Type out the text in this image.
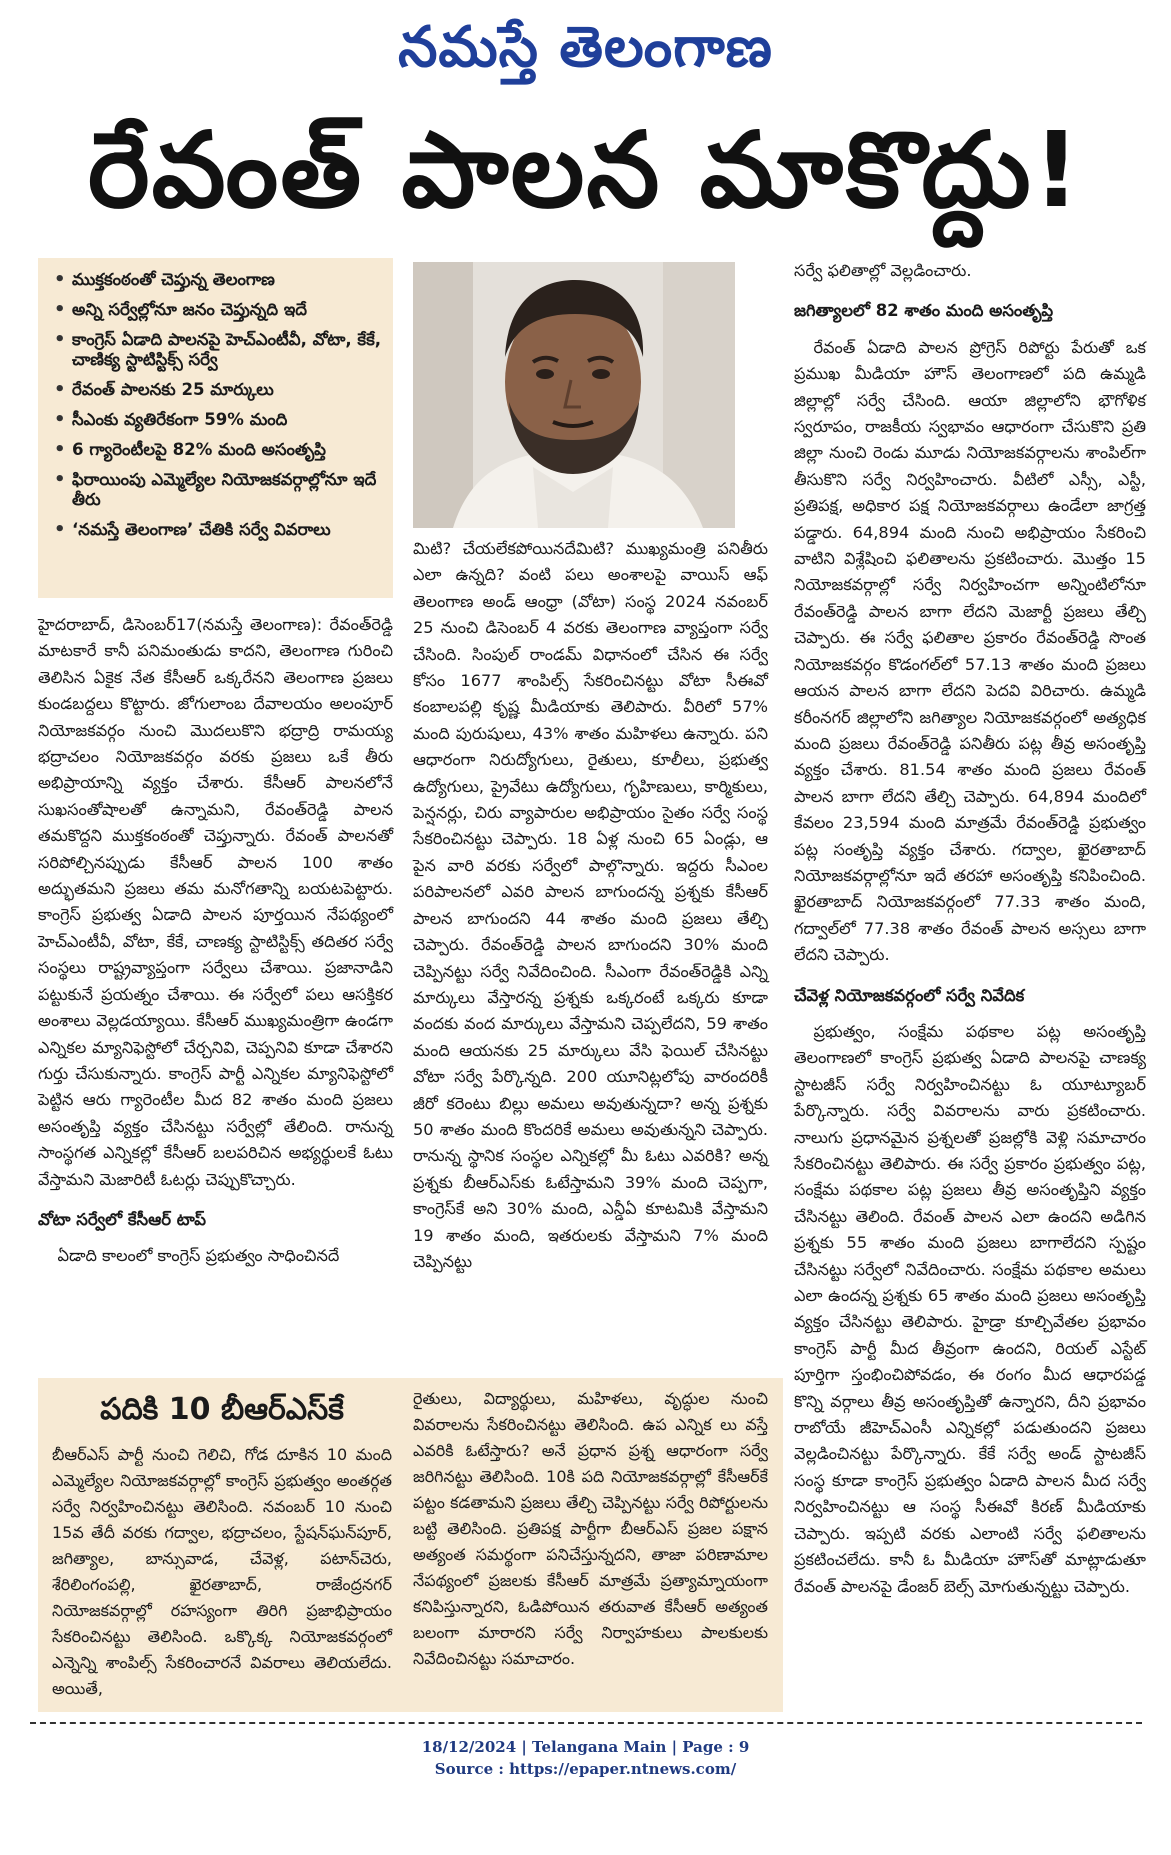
నమస్తే తెలంగాణ
రేవంత్ పాలన మాకొద్దు!
• ముక్తకంఠంతో చెప్తున్న తెలంగాణ
• అన్ని సర్వేల్లోనూ జనం చెప్తున్నది ఇదే
• కాంగ్రెస్ ఏడాది పాలనపై హెచ్ఎంటీవీ, వోటా, కేకే, చాణిక్య స్టాటిస్టిక్స్ సర్వే
• రేవంత్ పాలనకు 25 మార్కులు
• సీఎంకు వ్యతిరేకంగా 59% మంది
• 6 గ్యారెంటీలపై 82% మంది అసంతృప్తి
• ఫిరాయింపు ఎమ్మెల్యేల నియోజకవర్గాల్లోనూ ఇదే తీరు
• ‘నమస్తే తెలంగాణ’ చేతికి సర్వే వివరాలు

హైదరాబాద్, డిసెంబర్17(నమస్తే తెలంగాణ): రేవంత్‌రెడ్డి మాటకారే కానీ పనిమంతుడు కాదని, తెలంగాణ గురించి తెలిసిన ఏకైక నేత కేసీఆర్ ఒక్కరేనని తెలంగాణ ప్రజలు కుండబద్దలు కొట్టారు. జోగులాంబ దేవాలయం అలంపూర్ నియోజకవర్గం నుంచి మొదలుకొని భద్రాద్రి రామయ్య భద్రాచలం నియోజకవర్గం వరకు ప్రజలు ఒకే తీరు అభిప్రాయాన్ని వ్యక్తం చేశారు. కేసీఆర్ పాలనలోనే సుఖసంతోషాలతో ఉన్నామని, రేవంత్‌రెడ్డి పాలన తమకొద్దని ముక్తకంఠంతో చెప్తున్నారు. రేవంత్ పాలనతో సరిపోల్చినప్పుడు కేసీఆర్ పాలన 100 శాతం అద్భుతమని ప్రజలు తమ మనోగతాన్ని బయటపెట్టారు. కాంగ్రెస్ ప్రభుత్వ ఏడాది పాలన పూర్తయిన నేపథ్యంలో హెచ్ఎంటీవీ, వోటా, కేకే, చాణక్య స్టాటిస్టిక్స్ తదితర సర్వే సంస్థలు రాష్ట్రవ్యాప్తంగా సర్వేలు చేశాయి. ప్రజానాడిని పట్టుకునే ప్రయత్నం చేశాయి. ఈ సర్వేలో పలు ఆసక్తికర అంశాలు వెల్లడయ్యాయి. కేసీఆర్ ముఖ్యమంత్రిగా ఉండగా ఎన్నికల మ్యానిఫెస్టోలో చేర్చనివి, చెప్పనివి కూడా చేశారని గుర్తు చేసుకున్నారు. కాంగ్రెస్ పార్టీ ఎన్నికల మ్యానిఫెస్టోలో పెట్టిన ఆరు గ్యారెంటీల మీద 82 శాతం మంది ప్రజలు అసంతృప్తి వ్యక్తం చేసినట్టు సర్వేల్లో తేలింది. రానున్న సాంస్థగత ఎన్నికల్లో కేసీఆర్ బలపరిచిన అభ్యర్థులకే ఓటు వేస్తామని మెజారిటీ ఓటర్లు చెప్పుకొచ్చారు.

వోటా సర్వేలో కేసీఆర్ టాప్

ఏడాది కాలంలో కాంగ్రెస్ ప్రభుత్వం సాధించినదే

మిటి? చేయలేకపోయినదేమిటి? ముఖ్యమంత్రి పనితీరు ఎలా ఉన్నది? వంటి పలు అంశాలపై వాయిస్ ఆఫ్ తెలంగాణ అండ్ ఆంధ్రా (వోటా) సంస్థ 2024 నవంబర్ 25 నుంచి డిసెంబర్ 4 వరకు తెలంగాణ వ్యాప్తంగా సర్వే చేసింది. సింపుల్ రాండమ్ విధానంలో చేసిన ఈ సర్వే కోసం 1677 శాంపిల్స్ సేకరించినట్టు వోటా సీఈవో కంబాలపల్లి కృష్ణ మీడియాకు తెలిపారు. వీరిలో 57% మంది పురుషులు, 43% శాతం మహిళలు ఉన్నారు. పని ఆధారంగా నిరుద్యోగులు, రైతులు, కూలీలు, ప్రభుత్వ ఉద్యోగులు, ప్రైవేటు ఉద్యోగులు, గృహిణులు, కార్మికులు, పెన్షనర్లు, చిరు వ్యాపారుల అభిప్రాయం సైతం సర్వే సంస్థ సేకరించినట్టు చెప్పారు. 18 ఏళ్ల నుంచి 65 ఏండ్లు, ఆ పైన వారి వరకు సర్వేలో పాల్గొన్నారు. ఇద్దరు సీఎంల పరిపాలనలో ఎవరి పాలన బాగుందన్న ప్రశ్నకు కేసీఆర్ పాలన బాగుందని 44 శాతం మంది ప్రజలు తేల్చి చెప్పారు. రేవంత్‌రెడ్డి పాలన బాగుందని 30% మంది చెప్పినట్టు సర్వే నివేదించింది. సీఎంగా రేవంత్‌రెడ్డికి ఎన్ని మార్కులు వేస్తారన్న ప్రశ్నకు ఒక్కరంటే ఒక్కరు కూడా వందకు వంద మార్కులు వేస్తామని చెప్పలేదని, 59 శాతం మంది ఆయనకు 25 మార్కులు వేసి ఫెయిల్ చేసినట్టు వోటా సర్వే పేర్కొన్నది. 200 యూనిట్లలోపు వారందరికీ జీరో కరెంటు బిల్లు అమలు అవుతున్నదా? అన్న ప్రశ్నకు 50 శాతం మంది కొందరికే అమలు అవుతున్నని చెప్పారు. రానున్న స్థానిక సంస్థల ఎన్నికల్లో మీ ఓటు ఎవరికి? అన్న ప్రశ్నకు బీఆర్ఎస్‌కు ఓటేస్తామని 39% మంది చెప్పగా, కాంగ్రెస్‌కే అని 30% మంది, ఎన్డీఏ కూటమికి వేస్తామని 19 శాతం మంది, ఇతరులకు వేస్తామని 7% మంది చెప్పినట్టు

సర్వే ఫలితాల్లో వెల్లడించారు.

జగిత్యాలలో 82 శాతం మంది అసంతృప్తి

రేవంత్ ఏడాది పాలన ప్రోగ్రెస్ రిపోర్టు పేరుతో ఒక ప్రముఖ మీడియా హౌస్ తెలంగాణలో పది ఉమ్మడి జిల్లాల్లో సర్వే చేసింది. ఆయా జిల్లాలోని భౌగోళిక స్వరూపం, రాజకీయ స్వభావం ఆధారంగా చేసుకొని ప్రతి జిల్లా నుంచి రెండు మూడు నియోజకవర్గాలను శాంపిల్‌గా తీసుకొని సర్వే నిర్వహించారు. వీటిలో ఎస్సీ, ఎస్టీ, ప్రతిపక్ష, అధికార పక్ష నియోజకవర్గాలు ఉండేలా జాగ్రత్త పడ్డారు. 64,894 మంది నుంచి అభిప్రాయం సేకరించి వాటిని విశ్లేషించి ఫలితాలను ప్రకటించారు. మొత్తం 15 నియోజకవర్గాల్లో సర్వే నిర్వహించగా అన్నింటిలోనూ రేవంత్‌రెడ్డి పాలన బాగా లేదని మెజార్టీ ప్రజలు తేల్చి చెప్పారు. ఈ సర్వే ఫలితాల ప్రకారం రేవంత్‌రెడ్డి సొంత నియోజకవర్గం కొడంగల్‌లో 57.13 శాతం మంది ప్రజలు ఆయన పాలన బాగా లేదని పెదవి విరిచారు. ఉమ్మడి కరీంనగర్ జిల్లాలోని జగిత్యాల నియోజకవర్గంలో అత్యధిక మంది ప్రజలు రేవంత్‌రెడ్డి పనితీరు పట్ల తీవ్ర అసంతృప్తి వ్యక్తం చేశారు. 81.54 శాతం మంది ప్రజలు రేవంత్ పాలన బాగా లేదని తేల్చి చెప్పారు. 64,894 మందిలో కేవలం 23,594 మంది మాత్రమే రేవంత్‌రెడ్డి ప్రభుత్వం పట్ల సంతృప్తి వ్యక్తం చేశారు. గద్వాల, ఖైరతాబాద్ నియోజకవర్గాల్లోనూ ఇదే తరహా అసంతృప్తి కనిపించింది. ఖైరతాబాద్ నియోజకవర్గంలో 77.33 శాతం మంది, గద్వాల్‌లో 77.38 శాతం రేవంత్ పాలన అస్సలు బాగా లేదని చెప్పారు.

చేవెళ్ల నియోజకవర్గంలో సర్వే నివేదిక

ప్రభుత్వం, సంక్షేమ పథకాల పట్ల అసంతృప్తి తెలంగాణలో కాంగ్రెస్ ప్రభుత్వ ఏడాది పాలనపై చాణక్య స్టాటజీస్ సర్వే నిర్వహించినట్టు ఓ యూట్యూబర్ పేర్కొన్నారు. సర్వే వివరాలను వారు ప్రకటించారు. నాలుగు ప్రధానమైన ప్రశ్నలతో ప్రజల్లోకి వెళ్లి సమాచారం సేకరించినట్టు తెలిపారు. ఈ సర్వే ప్రకారం ప్రభుత్వం పట్ల, సంక్షేమ పథకాల పట్ల ప్రజలు తీవ్ర అసంతృప్తిని వ్యక్తం చేసినట్టు తెలింది. రేవంత్ పాలన ఎలా ఉందని అడిగిన ప్రశ్నకు 55 శాతం మంది ప్రజలు బాగాలేదని స్పష్టం చేసినట్టు సర్వేలో నివేదించారు. సంక్షేమ పథకాల అమలు ఎలా ఉందన్న ప్రశ్నకు 65 శాతం మంది ప్రజలు అసంతృప్తి వ్యక్తం చేసినట్టు తెలిపారు. హైడ్రా కూల్చివేతల ప్రభావం కాంగ్రెస్ పార్టీ మీద తీవ్రంగా ఉందని, రియల్ ఎస్టేట్ పూర్తిగా స్తంభించిపోవడం, ఈ రంగం మీద ఆధారపడ్డ కొన్ని వర్గాలు తీవ్ర అసంతృప్తితో ఉన్నారని, దీని ప్రభావం రాబోయే జీహెచ్ఎంసీ ఎన్నికల్లో పడుతుందని ప్రజలు వెల్లడించినట్టు పేర్కొన్నారు. కేకే సర్వే అండ్ స్టాటజీస్ సంస్థ కూడా కాంగ్రెస్ ప్రభుత్వం ఏడాది పాలన మీద సర్వే నిర్వహించినట్టు ఆ సంస్థ సీఈవో కిరణ్ మీడియాకు చెప్పారు. ఇప్పటి వరకు ఎలాంటి సర్వే ఫలితాలను ప్రకటించలేదు. కానీ ఓ మీడియా హౌస్‌తో మాట్లాడుతూ రేవంత్ పాలనపై డేంజర్ బెల్స్ మోగుతున్నట్టు చెప్పారు.

పదికి 10 బీఆర్ఎస్‌కే

బీఆర్ఎస్ పార్టీ నుంచి గెలిచి, గోడ దూకిన 10 మంది ఎమ్మెల్యేల నియోజకవర్గాల్లో కాంగ్రెస్ ప్రభుత్వం అంతర్గత సర్వే నిర్వహించినట్టు తెలిసింది. నవంబర్ 10 నుంచి 15వ తేదీ వరకు గద్వాల, భద్రాచలం, స్టేషన్‌ఘన్‌పూర్, జగిత్యాల, బాన్సువాడ, చేవెళ్ల, పటాన్‌చెరు, శేరిలింగంపల్లి, ఖైరతాబాద్, రాజేంద్రనగర్ నియోజకవర్గాల్లో రహస్యంగా తిరిగి ప్రజాభిప్రాయం సేకరించినట్టు తెలిసింది. ఒక్కొక్క నియోజకవర్గంలో ఎన్నెన్ని శాంపిల్స్ సేకరించారనే వివరాలు తెలియలేదు. అయితే,

రైతులు, విద్యార్థులు, మహిళలు, వృద్ధుల నుంచి వివరాలను సేకరించినట్టు తెలిసింది. ఉప ఎన్నిక లు వస్తే ఎవరికి ఓటేస్తారు? అనే ప్రధాన ప్రశ్న ఆధారంగా సర్వే జరిగినట్టు తెలిసింది. 10కి పది నియోజకవర్గాల్లో కేసీఆర్‌కే పట్టం కడతామని ప్రజలు తేల్చి చెప్పినట్టు సర్వే రిపోర్టులను బట్టి తెలిసింది. ప్రతిపక్ష పార్టీగా బీఆర్ఎస్ ప్రజల పక్షాన అత్యంత సమర్థంగా పనిచేస్తున్నదని, తాజా పరిణామాల నేపథ్యంలో ప్రజలకు కేసీఆర్ మాత్రమే ప్రత్యామ్నాయంగా కనిపిస్తున్నారని, ఓడిపోయిన తరువాత కేసీఆర్ అత్యంత బలంగా మారారని సర్వే నిర్వాహకులు పాలకులకు నివేదించినట్టు సమాచారం.

18/12/2024 | Telangana Main | Page : 9
Source : https://epaper.ntnews.com/
